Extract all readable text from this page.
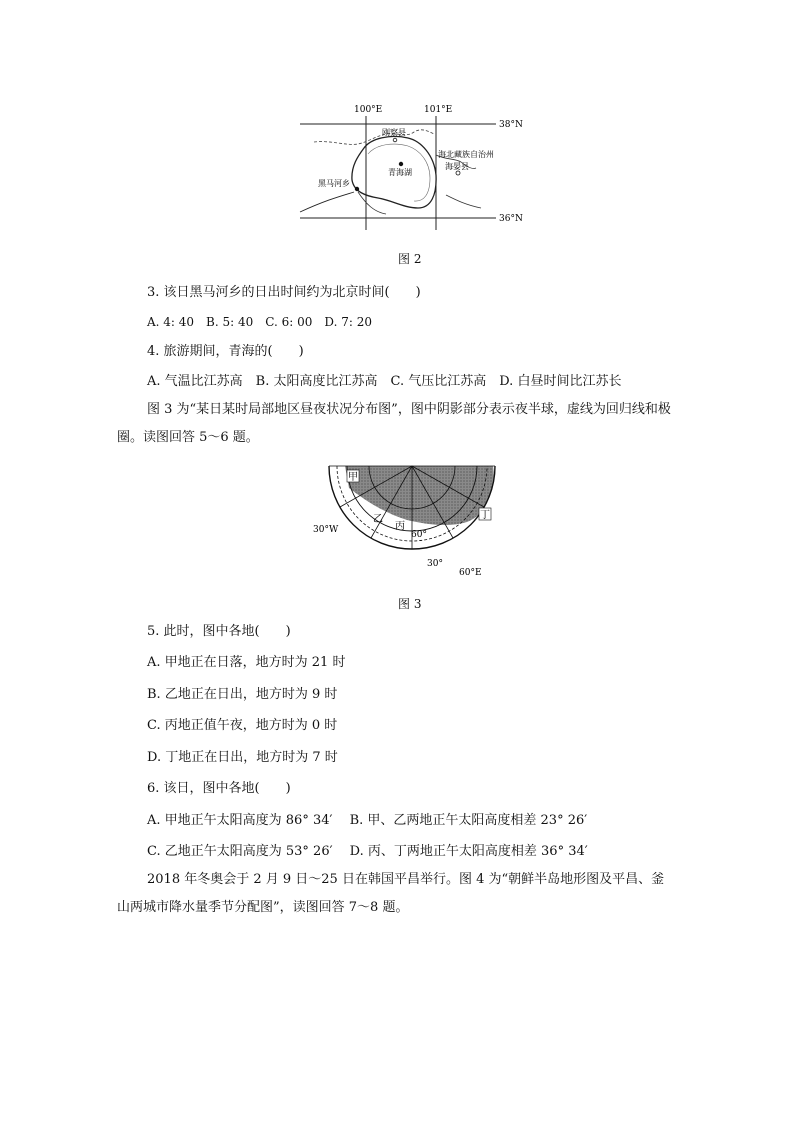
100°E	101°E
38°N
36°N
刚察县
海北藏族自治州
海晏县
青海湖
黑马河乡
图 2
3. 该日黑马河乡的日出时间约为北京时间(　　)
A. 4: 40　B. 5: 40　C. 6: 00　D. 7: 20
4. 旅游期间，青海的(　　)
A. 气温比江苏高　B. 太阳高度比江苏高　C. 气压比江苏高　D. 白昼时间比江苏长
图 3 为“某日某时局部地区昼夜状况分布图”，图中阴影部分表示夜半球，虚线为回归线和极圈。读图回答 5～6 题。
甲
乙
丙
丁
30°W	60°
30°
60°E
图 3
5. 此时，图中各地(　　)
A. 甲地正在日落，地方时为 21 时
B. 乙地正在日出，地方时为 9 时
C. 丙地正值午夜，地方时为 0 时
D. 丁地正在日出，地方时为 7 时
6. 该日，图中各地(　　)
A. 甲地正午太阳高度为 86° 34′　 B. 甲、乙两地正午太阳高度相差 23° 26′
C. 乙地正午太阳高度为 53° 26′　 D. 丙、丁两地正午太阳高度相差 36° 34′
2018 年冬奥会于 2 月 9 日～25 日在韩国平昌举行。图 4 为“朝鲜半岛地形图及平昌、釜山两城市降水量季节分配图”，读图回答 7～8 题。
